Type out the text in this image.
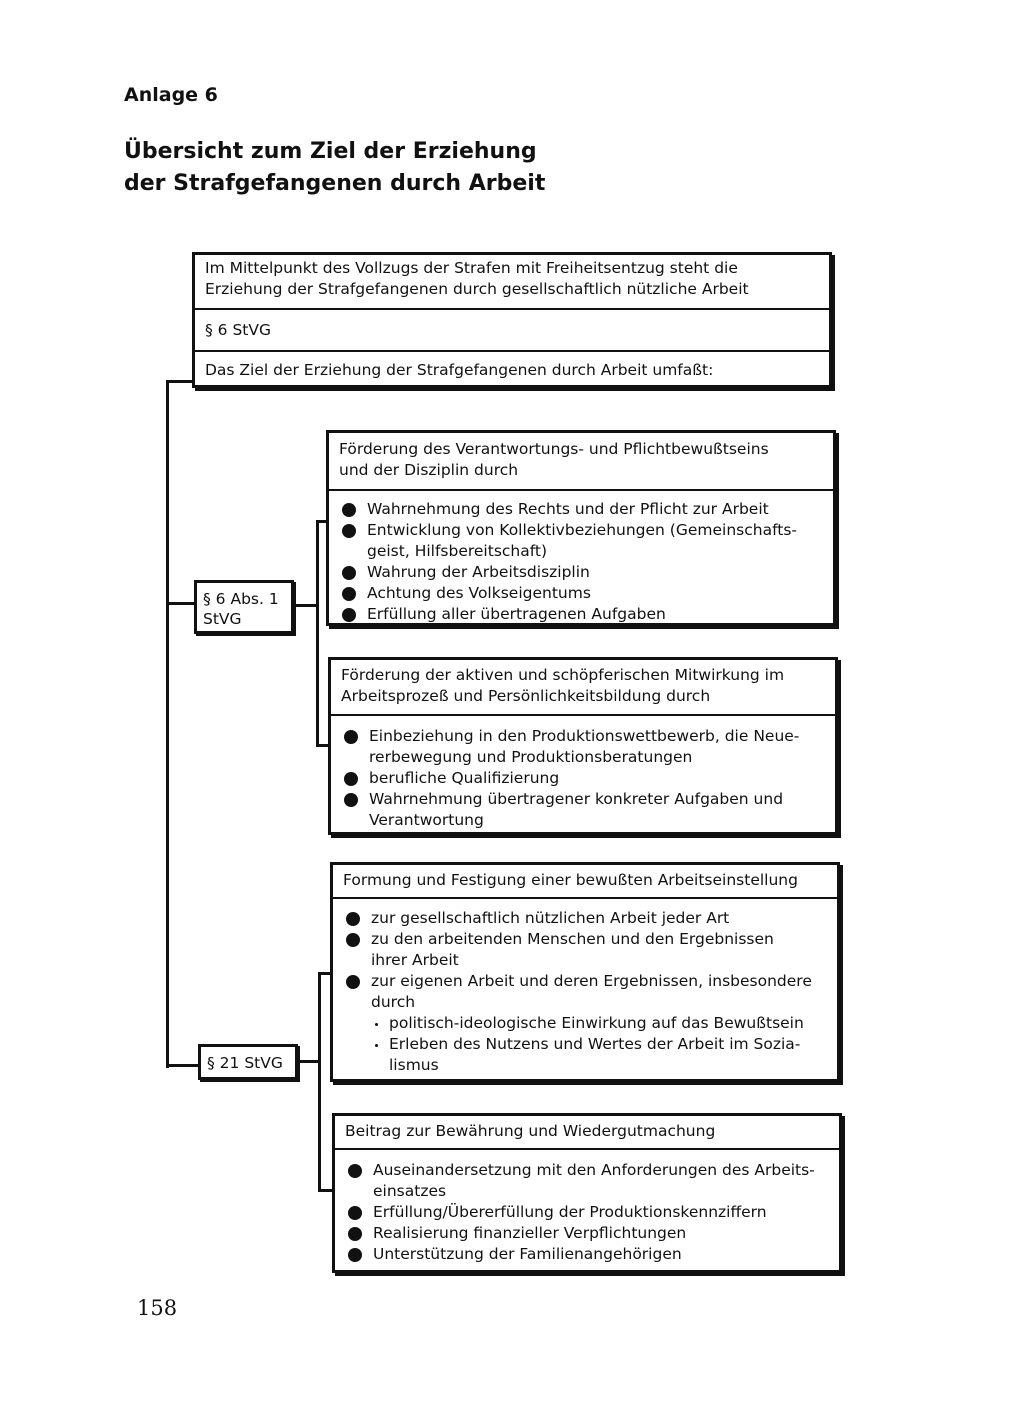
Anlage 6
Übersicht zum Ziel der Erziehung
der Strafgefangenen durch Arbeit
Im Mittelpunkt des Vollzugs der Strafen mit Freiheitsentzug steht die
Erziehung der Strafgefangenen durch gesellschaftlich nützliche Arbeit
§ 6 StVG
Das Ziel der Erziehung der Strafgefangenen durch Arbeit umfaßt:
§ 6 Abs. 1
StVG
§ 21 StVG
Förderung des Verantwortungs- und Pflichtbewußtseins
und der Disziplin durch
Wahrnehmung des Rechts und der Pflicht zur Arbeit
Entwicklung von Kollektivbeziehungen (Gemeinschafts-
geist, Hilfsbereitschaft)
Wahrung der Arbeitsdisziplin
Achtung des Volkseigentums
Erfüllung aller übertragenen Aufgaben
Förderung der aktiven und schöpferischen Mitwirkung im
Arbeitsprozeß und Persönlichkeitsbildung durch
Einbeziehung in den Produktionswettbewerb, die Neue-
rerbewegung und Produktionsberatungen
berufliche Qualifizierung
Wahrnehmung übertragener konkreter Aufgaben und
Verantwortung
Formung und Festigung einer bewußten Arbeitseinstellung
zur gesellschaftlich nützlichen Arbeit jeder Art
zu den arbeitenden Menschen und den Ergebnissen
ihrer Arbeit
zur eigenen Arbeit und deren Ergebnissen, insbesondere
durch
politisch-ideologische Einwirkung auf das Bewußtsein
Erleben des Nutzens und Wertes der Arbeit im Sozia-
lismus
Beitrag zur Bewährung und Wiedergutmachung
Auseinandersetzung mit den Anforderungen des Arbeits-
einsatzes
Erfüllung/Übererfüllung der Produktionskennziffern
Realisierung finanzieller Verpflichtungen
Unterstützung der Familienangehörigen
158
